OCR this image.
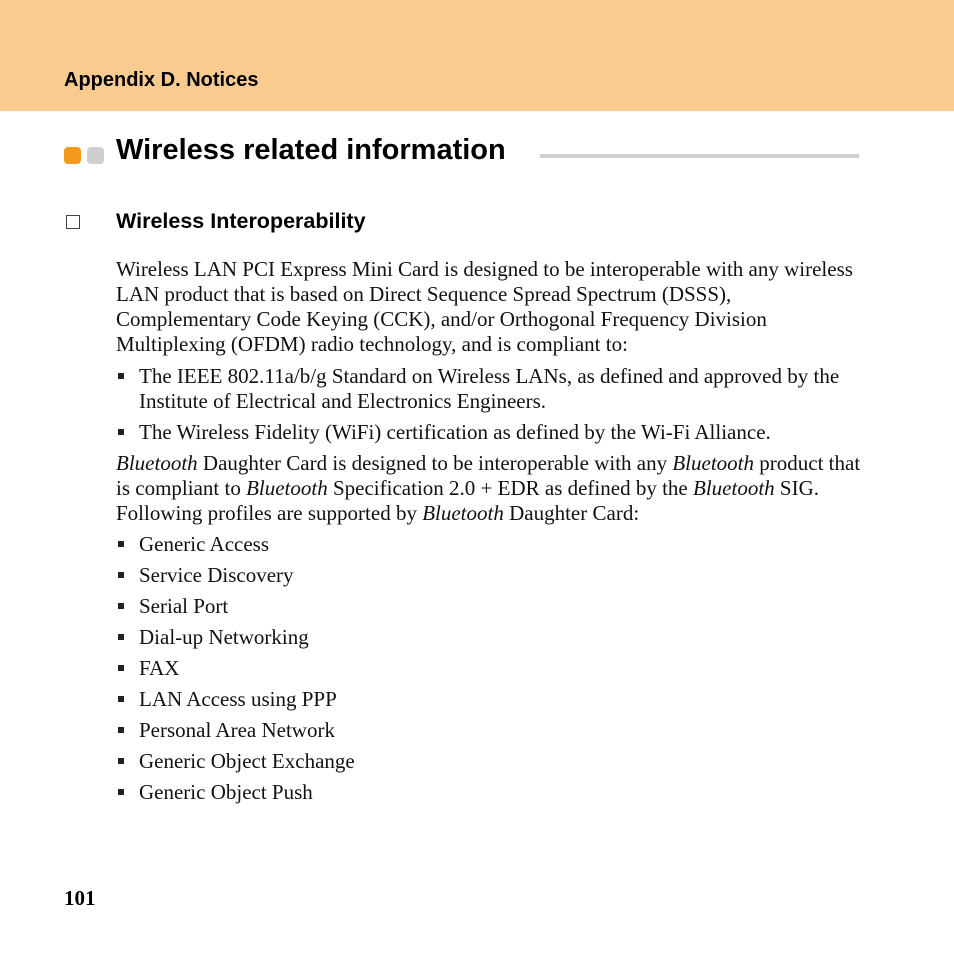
Appendix D. Notices
Wireless related information
Wireless Interoperability

Wireless LAN PCI Express Mini Card is designed to be interoperable with any wireless LAN product that is based on Direct Sequence Spread Spectrum (DSSS), Complementary Code Keying (CCK), and/or Orthogonal Frequency Division Multiplexing (OFDM) radio technology, and is compliant to:

The IEEE 802.11a/b/g Standard on Wireless LANs, as defined and approved by the Institute of Electrical and Electronics Engineers.
The Wireless Fidelity (WiFi) certification as defined by the Wi-Fi Alliance.

Bluetooth Daughter Card is designed to be interoperable with any Bluetooth product that is compliant to Bluetooth Specification 2.0 + EDR as defined by the Bluetooth SIG. Following profiles are supported by Bluetooth Daughter Card:

Generic Access
Service Discovery
Serial Port
Dial-up Networking
FAX
LAN Access using PPP
Personal Area Network
Generic Object Exchange
Generic Object Push
101
